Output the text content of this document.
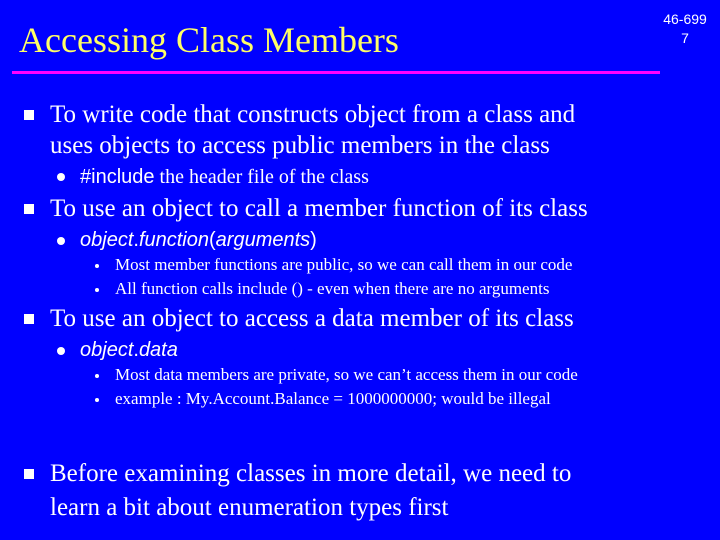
Accessing Class Members
46-699
7
To write code that constructs object from a class and
uses objects to access public members in the class
#include the header file of the class
To use an object to call a member function of its class
object.function(arguments)
Most member functions are public, so we can call them in our code
All function calls include () - even when there are no arguments
To use an object to access a data member of its class
object.data
Most data members are private, so we can’t access them in our code
example : My.Account.Balance = 1000000000; would be illegal
Before examining classes in more detail, we need to
learn a bit about enumeration types first
